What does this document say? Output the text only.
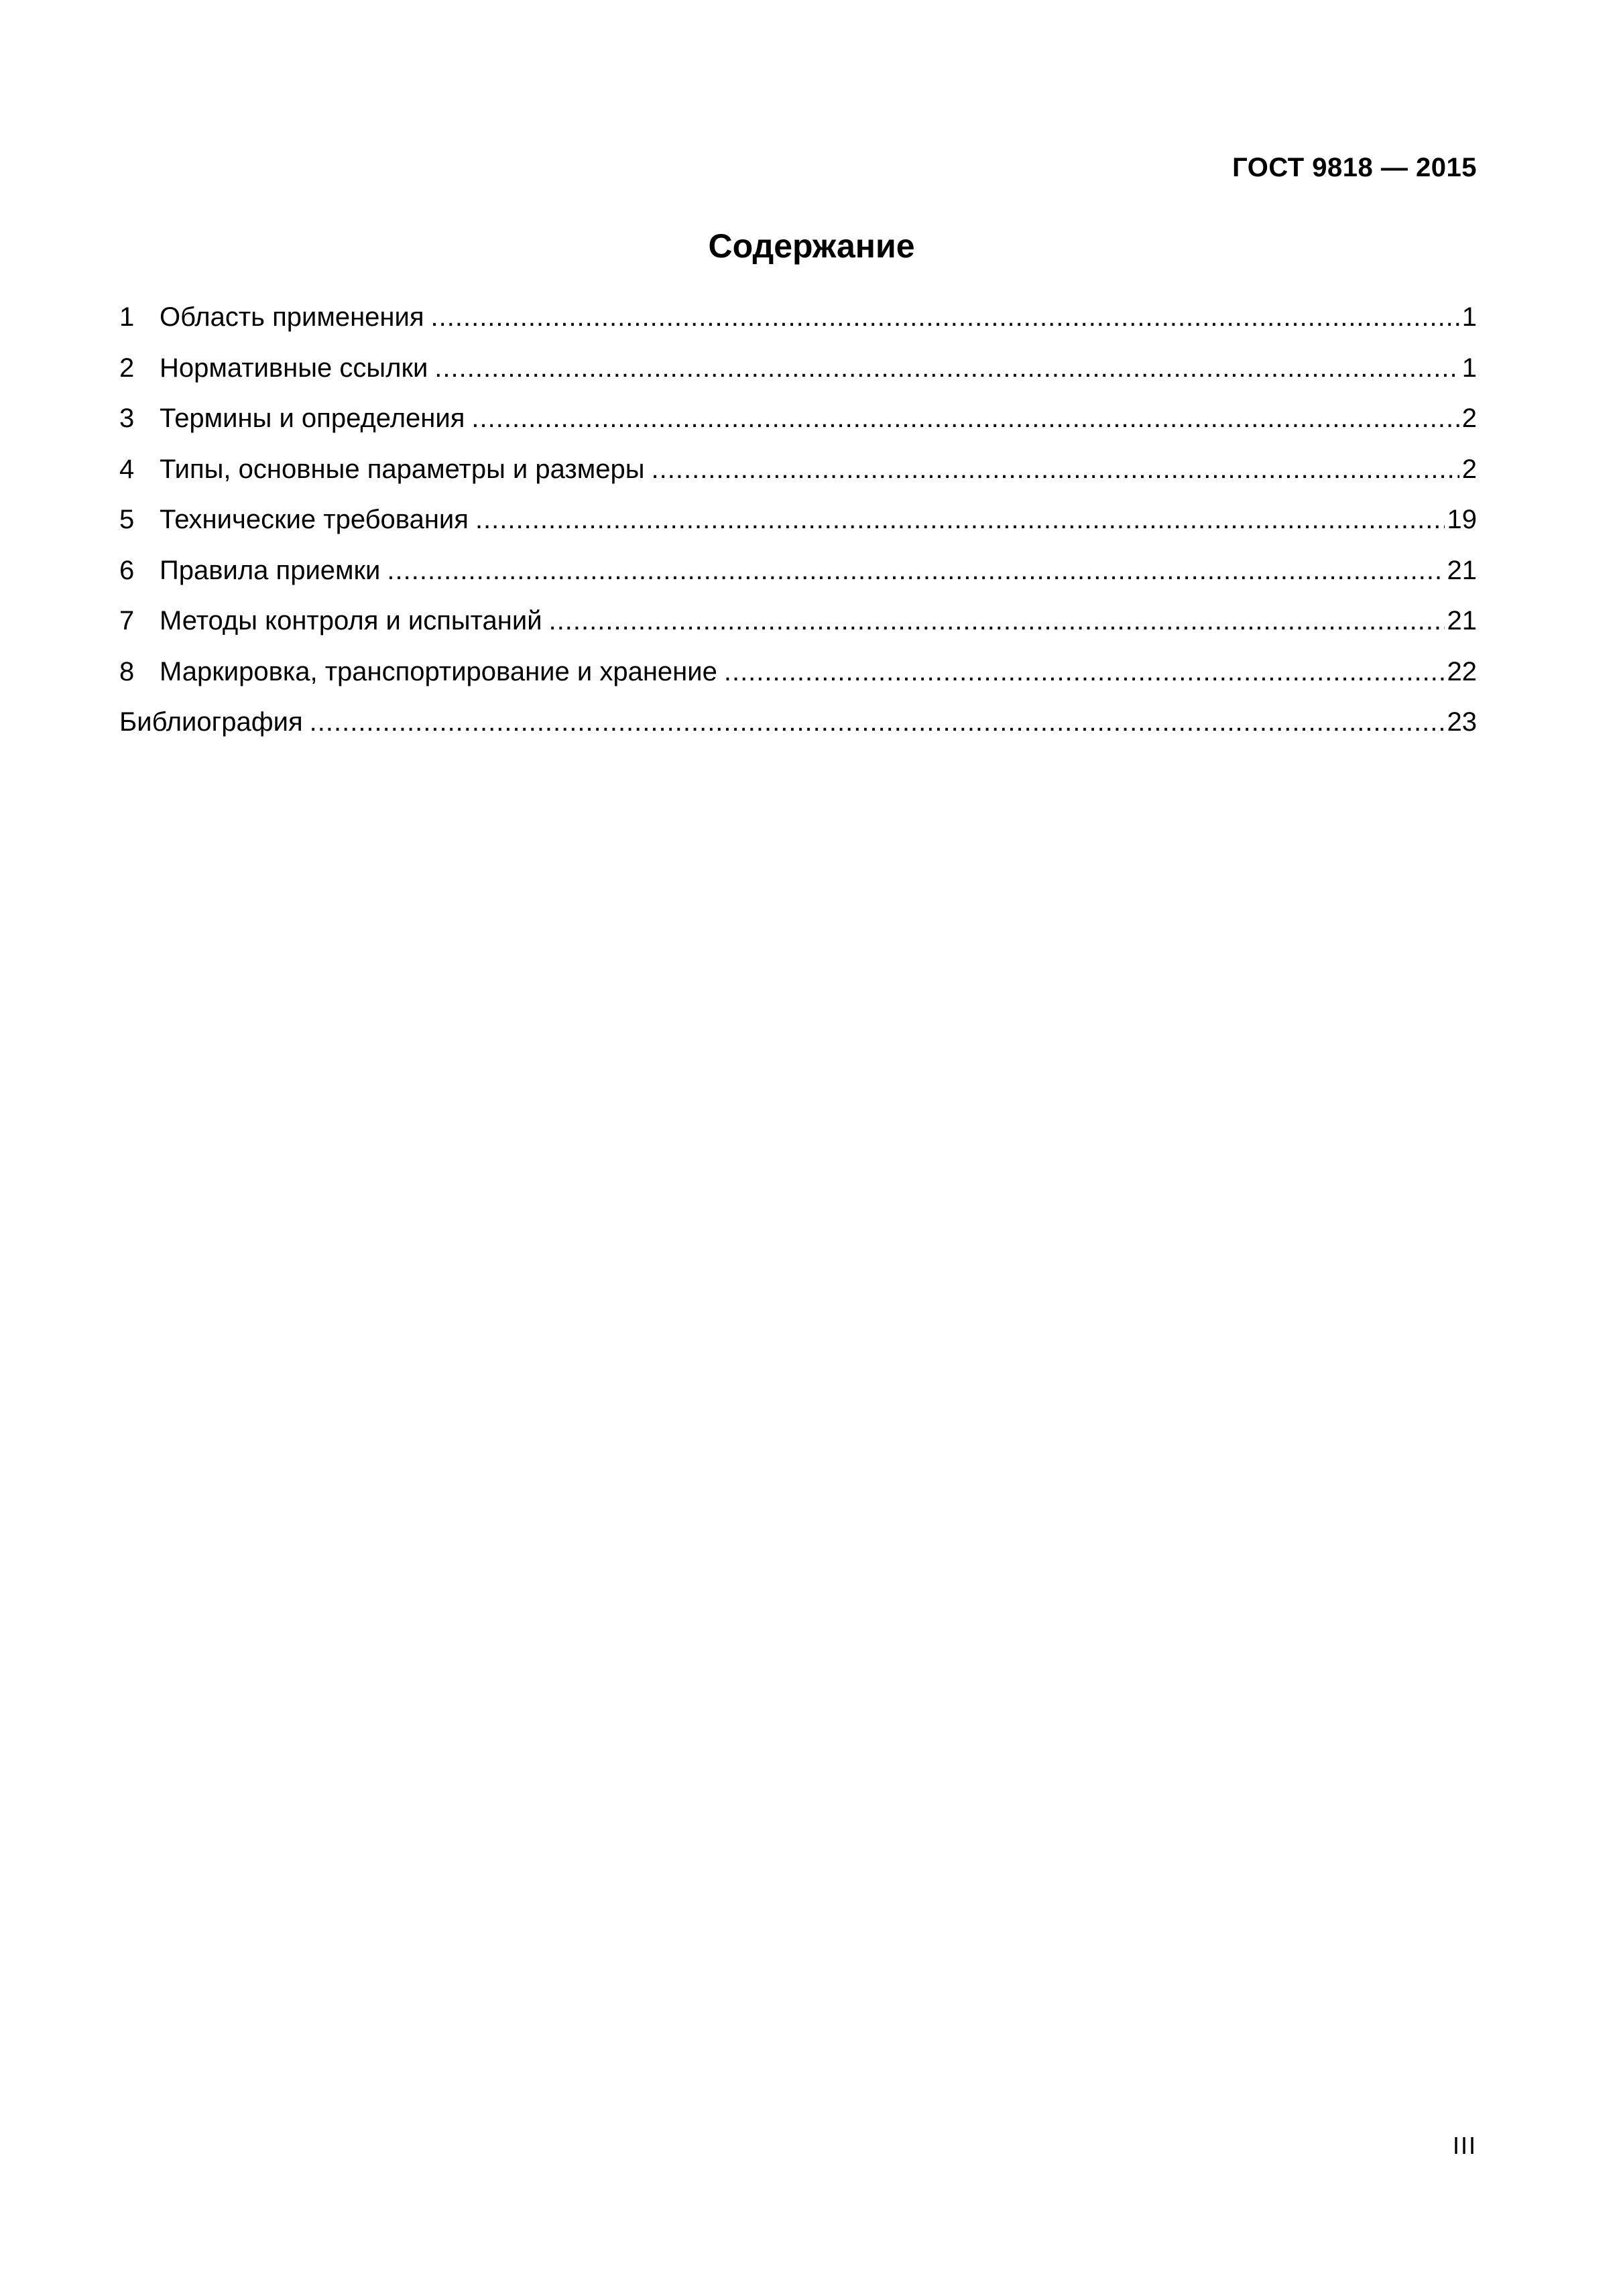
ГОСТ 9818 — 2015
Содержание
1 Область применения .....	1
2 Нормативные ссылки .....	1
3 Термины и определения .....	2
4 Типы, основные параметры и размеры .....	2
5 Технические требования .....	19
6 Правила приемки .....	21
7 Методы контроля и испытаний .....	21
8 Маркировка, транспортирование и хранение .....	22
Библиография .....	23
III
